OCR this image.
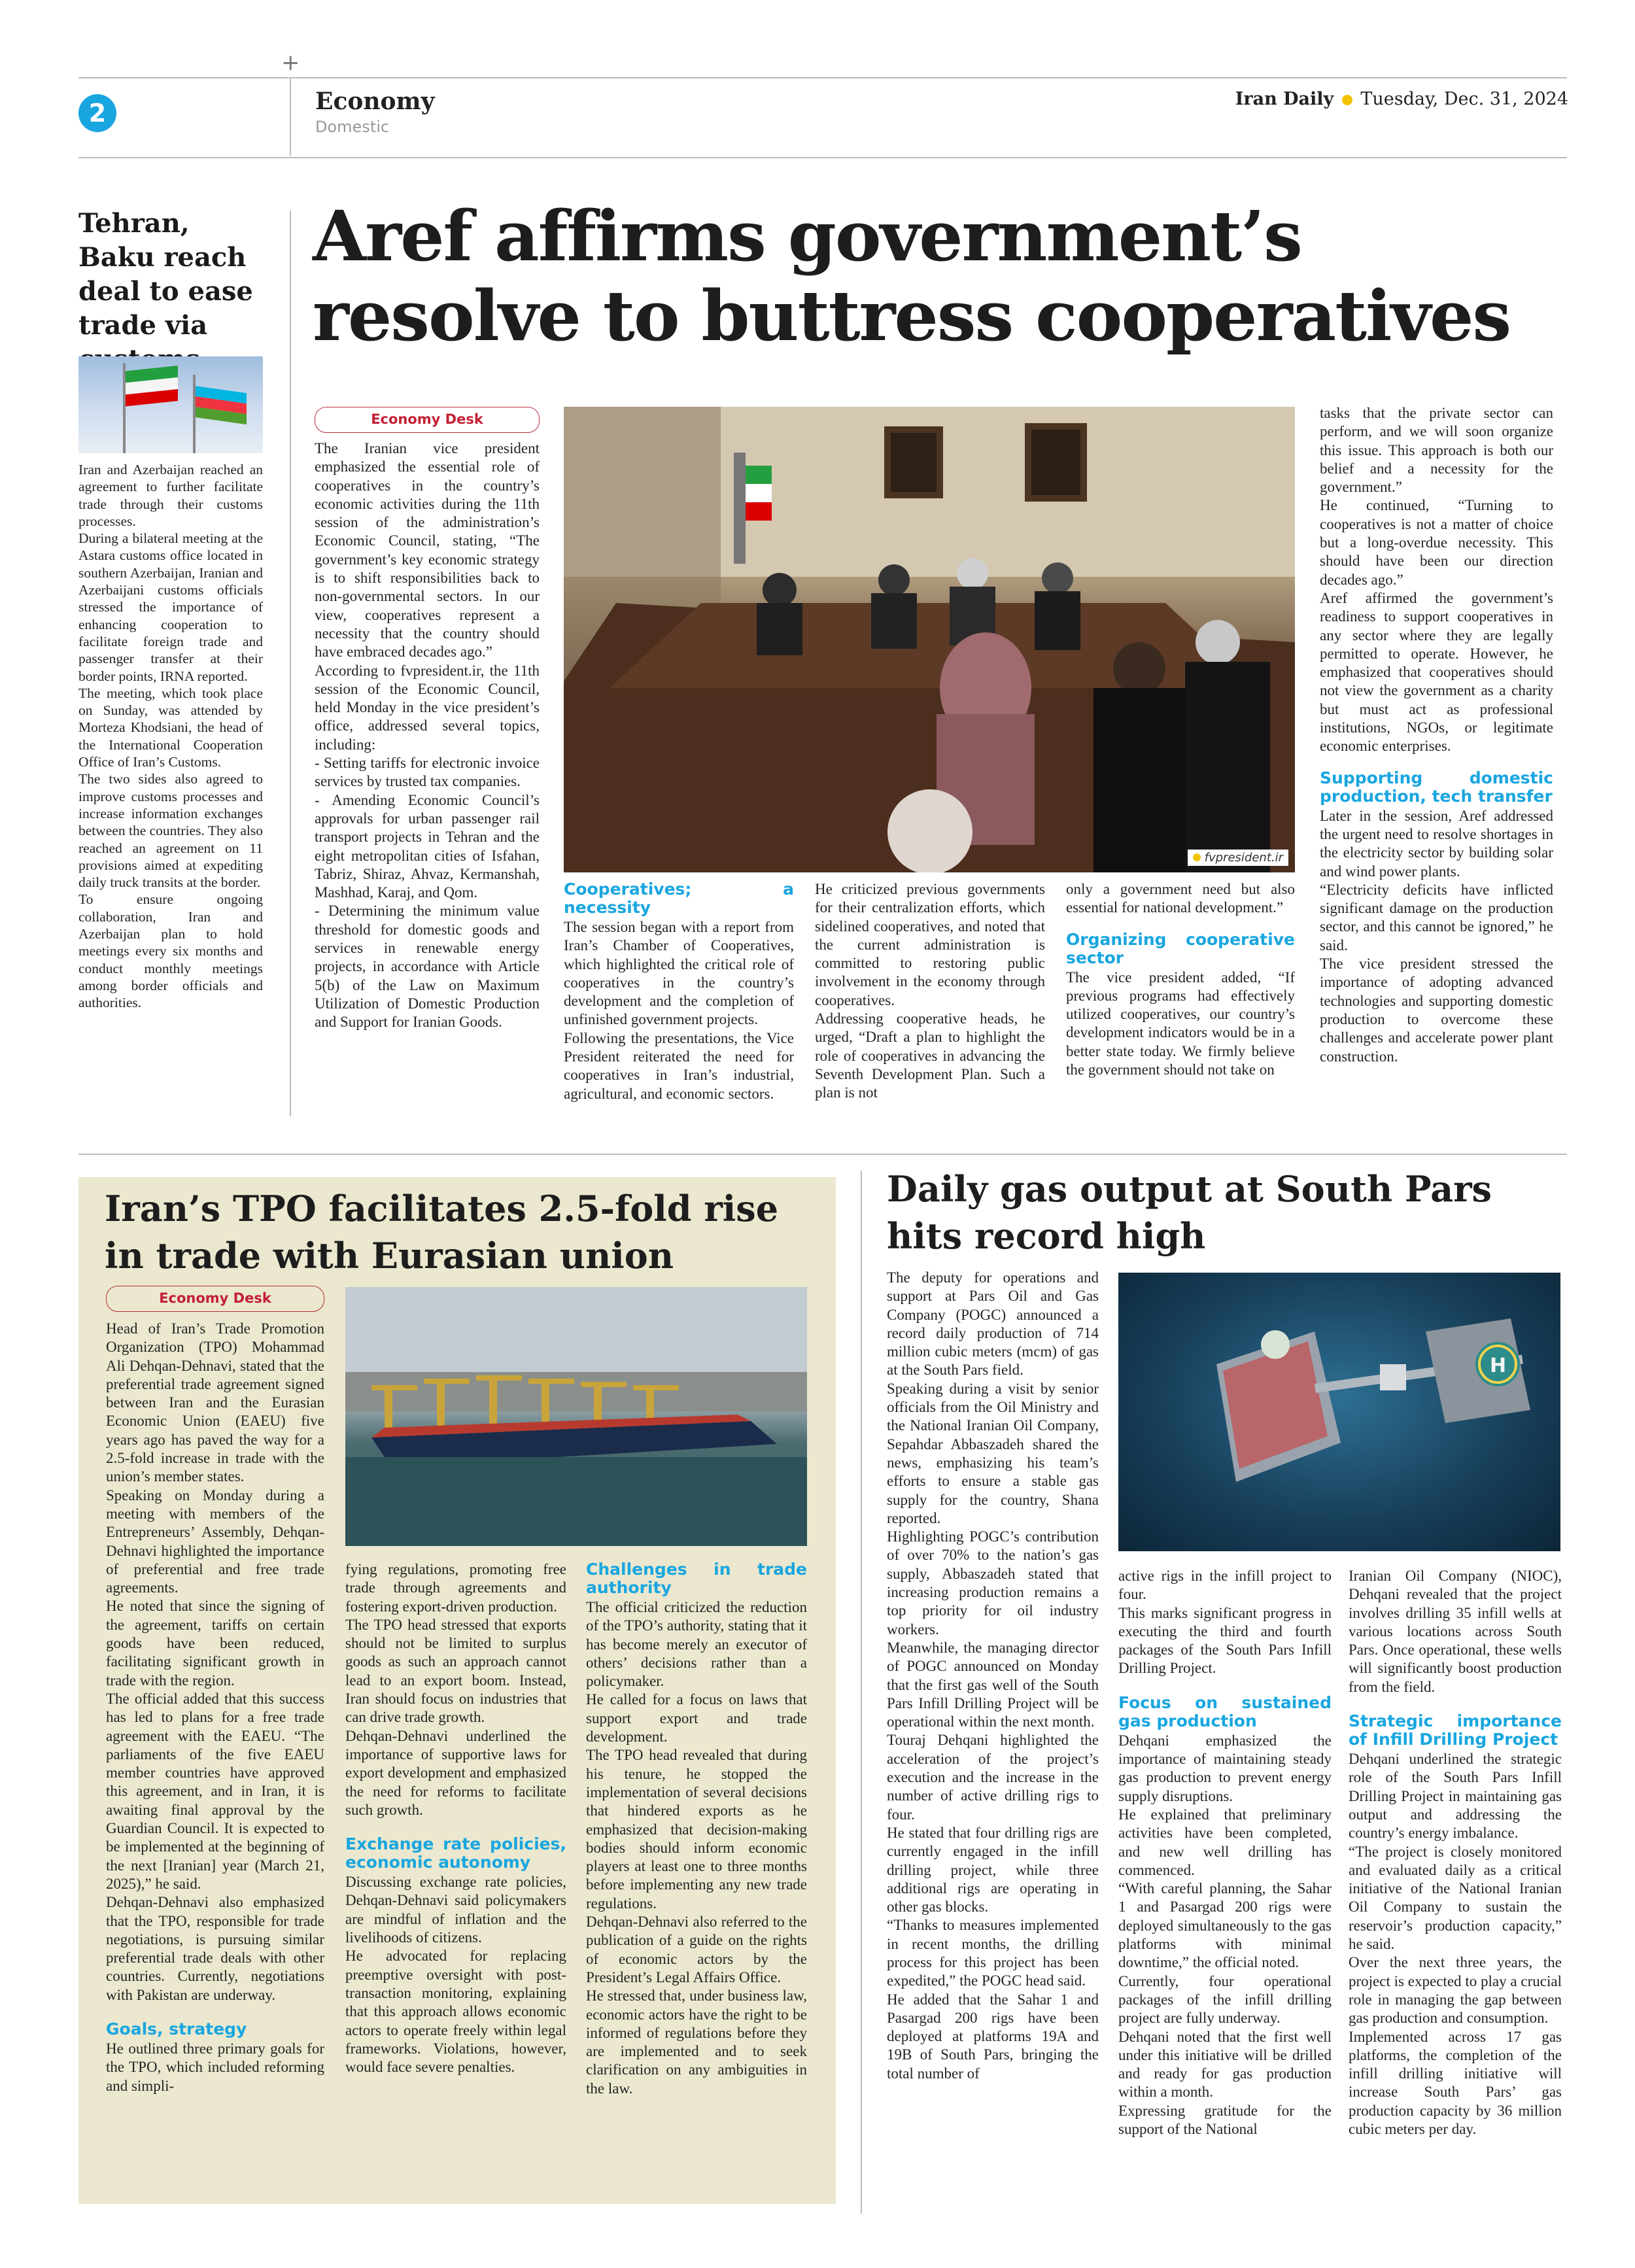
+
2	Economy
Domestic
Iran Daily Tuesday, Dec. 31, 2024
Tehran, Baku reach deal to ease trade via

Iran and Azerbaijan reached an agreement to further facilitate trade through their customs processes.

During a bilateral meeting at the Astara customs office located in southern Azerbaijan, Iranian and Azerbaijani customs officials stressed the importance of enhancing cooperation to facilitate foreign trade and passenger transfer at their border points, IRNA reported.

The meeting, which took place on Sunday, was attended by Morteza Khodsiani, the head of the International Cooperation Office of Iran’s Customs.

The two sides also agreed to improve customs processes and increase information exchanges between the countries. They also reached an agreement on 11 provisions aimed at expediting daily truck transits at the border.

To ensure ongoing collaboration, Iran and Azerbaijan plan to hold meetings every six months and conduct monthly meetings among border officials and authorities.

Aref affirms government’s resolve to buttress cooperatives
Economy Desk

The Iranian vice president emphasized the essential role of cooperatives in the country’s economic activities during the 11th session of the administration’s Economic Council, stating, “The government’s key economic strategy is to shift responsibilities back to non-governmental sectors. In our view, cooperatives represent a necessity that the country should have embraced decades ago.”

According to fvpresident.ir, the 11th session of the Economic Council, held Monday in the vice president’s office, addressed several topics, including:

- Setting tariffs for electronic invoice services by trusted tax companies.

- Amending Economic Council’s approvals for urban passenger rail transport projects in Tehran and the eight metropolitan cities of Isfahan, Tabriz, Shiraz, Ahvaz, Kermanshah, Mashhad, Karaj, and Qom.

- Determining the minimum value threshold for domestic goods and services in renewable energy projects, in accordance with Article 5(b) of the Law on Maximum Utilization of Domestic Production and Support for Iranian Goods.

fvpresident.ir
Cooperatives; a necessity

The session began with a report from Iran’s Chamber of Cooperatives, which highlighted the critical role of cooperatives in the country’s development and the completion of unfinished government projects.

Following the presentations, the Vice President reiterated the need for cooperatives in Iran’s industrial, agricultural, and economic sectors.

He criticized previous governments for their centralization efforts, which sidelined cooperatives, and noted that the current administration is committed to restoring public involvement in the economy through cooperatives.

Addressing cooperative heads, he urged, “Draft a plan to highlight the role of cooperatives in advancing the Seventh Development Plan. Such a plan is not

only a government need but also essential for national development.”

Organizing cooperative sector

The vice president added, “If previous programs had effectively utilized cooperatives, our country’s development indicators would be in a better state today. We firmly believe the government should not take on

tasks that the private sector can perform, and we will soon organize this issue. This approach is both our belief and a necessity for the government.”

He continued, “Turning to cooperatives is not a matter of choice but a long-overdue necessity. This should have been our direction decades ago.”

Aref affirmed the government’s readiness to support cooperatives in any sector where they are legally permitted to operate. However, he emphasized that cooperatives should not view the government as a charity but must act as professional institutions, NGOs, or legitimate economic enterprises.

Supporting domestic production, tech transfer

Later in the session, Aref addressed the urgent need to resolve shortages in the electricity sector by building solar and wind power plants.

“Electricity deficits have inflicted significant damage on the production sector, and this cannot be ignored,” he said.

The vice president stressed the importance of adopting advanced technologies and supporting domestic production to overcome these challenges and accelerate power plant construction.

Iran’s TPO facilitates 2.5-fold rise
in trade with Eurasian union
Economy Desk

Head of Iran’s Trade Promotion Organization (TPO) Mohammad Ali Dehqan-Dehnavi, stated that the preferential trade agreement signed between Iran and the Eurasian Economic Union (EAEU) five years ago has paved the way for a 2.5-fold increase in trade with the union’s member states.

Speaking on Monday during a meeting with members of the Entrepreneurs’ Assembly, Dehqan-Dehnavi highlighted the importance of preferential and free trade agreements.

He noted that since the signing of the agreement, tariffs on certain goods have been reduced, facilitating significant growth in trade with the region.

The official added that this success has led to plans for a free trade agreement with the EAEU. “The parliaments of the five EAEU member countries have approved this agreement, and in Iran, it is awaiting final approval by the Guardian Council. It is expected to be implemented at the beginning of the next [Iranian] year (March 21, 2025),” he said.

Dehqan-Dehnavi also emphasized that the TPO, responsible for trade negotiations, is pursuing similar preferential trade deals with other countries. Currently, negotiations with Pakistan are underway.

Goals, strategy

He outlined three primary goals for the TPO, which included reforming and simpli-

fying regulations, promoting free trade through agreements and fostering export-driven production.

The TPO head stressed that exports should not be limited to surplus goods as such an approach cannot lead to an export boom. Instead, Iran should focus on industries that can drive trade growth.

Dehqan-Dehnavi underlined the importance of supportive laws for export development and emphasized the need for reforms to facilitate such growth.

Exchange rate policies, economic autonomy

Discussing exchange rate policies, Dehqan-Dehnavi said policymakers are mindful of inflation and the livelihoods of citizens.

He advocated for replacing preemptive oversight with post-transaction monitoring, explaining that this approach allows economic actors to operate freely within legal frameworks. Violations, however, would face severe penalties.

Challenges in trade authority

The official criticized the reduction of the TPO’s authority, stating that it has become merely an executor of others’ decisions rather than a policymaker.

He called for a focus on laws that support export and trade development.

The TPO head revealed that during his tenure, he stopped the implementation of several decisions that hindered exports as he emphasized that decision-making bodies should inform economic players at least one to three months before implementing any new trade regulations.

Dehqan-Dehnavi also referred to the publication of a guide on the rights of economic actors by the President’s Legal Affairs Office.

He stressed that, under business law, economic actors have the right to be informed of regulations before they are implemented and to seek clarification on any ambiguities in the law.

Daily gas output at South Pars
hits record high

The deputy for operations and support at Pars Oil and Gas Company (POGC) announced a record daily production of 714 million cubic meters (mcm) of gas at the South Pars field.

Speaking during a visit by senior officials from the Oil Ministry and the National Iranian Oil Company, Sepahdar Abbaszadeh shared the news, emphasizing his team’s efforts to ensure a stable gas supply for the country, Shana reported.

Highlighting POGC’s contribution of over 70% to the nation’s gas supply, Abbaszadeh stated that increasing production remains a top priority for oil industry workers.

Meanwhile, the managing director of POGC announced on Monday that the first gas well of the South Pars Infill Drilling Project will be operational within the next month.

Touraj Dehqani highlighted the acceleration of the project’s execution and the increase in the number of active drilling rigs to four.

He stated that four drilling rigs are currently engaged in the infill drilling project, while three additional rigs are operating in other gas blocks.

“Thanks to measures implemented in recent months, the drilling process for this project has been expedited,” the POGC head said.

He added that the Sahar 1 and Pasargad 200 rigs have been deployed at platforms 19A and 19B of South Pars, bringing the total number of

H

active rigs in the infill project to four.

This marks significant progress in executing the third and fourth packages of the South Pars Infill Drilling Project.

Focus on sustained gas production

Dehqani emphasized the importance of maintaining steady gas production to prevent energy supply disruptions.

He explained that preliminary activities have been completed, and new well drilling has commenced.

“With careful planning, the Sahar 1 and Pasargad 200 rigs were deployed simultaneously to the gas platforms with minimal downtime,” the official noted.

Currently, four operational packages of the infill drilling project are fully underway.

Dehqani noted that the first well under this initiative will be drilled and ready for gas production within a month.

Expressing gratitude for the support of the National

Iranian Oil Company (NIOC), Dehqani revealed that the project involves drilling 35 infill wells at various locations across South Pars. Once operational, these wells will significantly boost production from the field.

Strategic importance of Infill Drilling Project

Dehqani underlined the strategic role of the South Pars Infill Drilling Project in maintaining gas output and addressing the country’s energy imbalance.

“The project is closely monitored and evaluated daily as a critical initiative of the National Iranian Oil Company to sustain the reservoir’s production capacity,” he said.

Over the next three years, the project is expected to play a crucial role in managing the gap between gas production and consumption.

Implemented across 17 gas platforms, the completion of the infill drilling initiative will increase South Pars’ gas production capacity by 36 million cubic meters per day.
